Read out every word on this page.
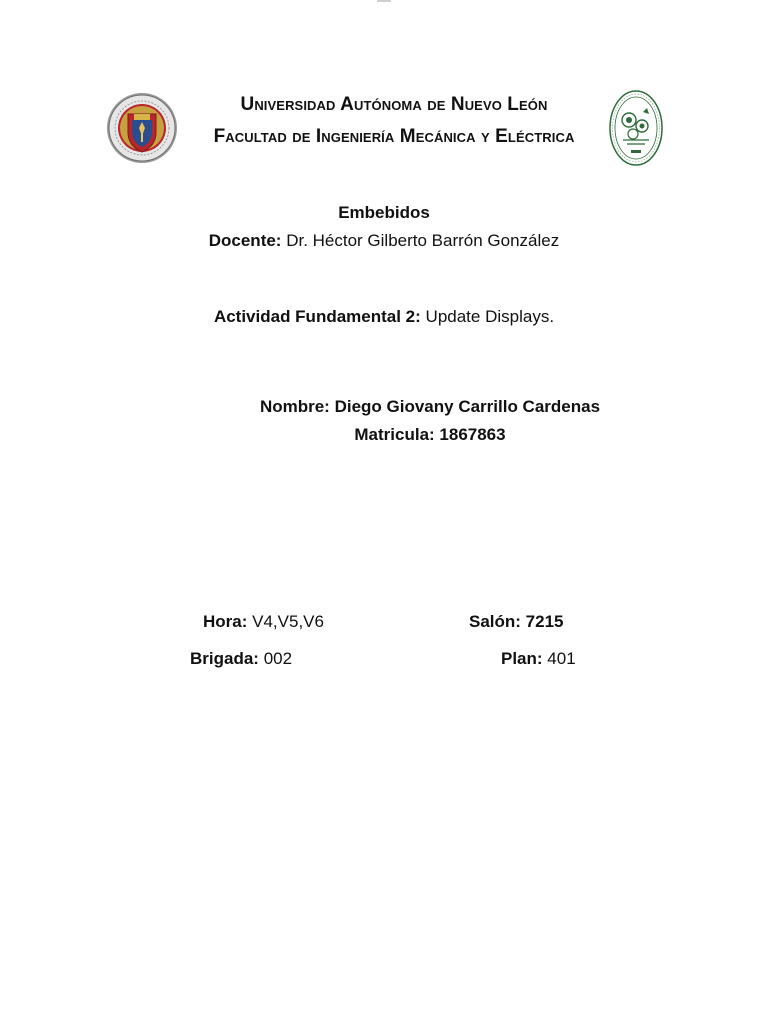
Universidad Autónoma de Nuevo León
Facultad de Ingeniería Mecánica y Eléctrica
Embebidos
Docente: Dr. Héctor Gilberto Barrón González
Actividad Fundamental 2: Update Displays.
Nombre: Diego Giovany Carrillo Cardenas
Matricula: 1867863
Hora: V4,V5,V6	Salón: 7215
Brigada: 002	Plan: 401
